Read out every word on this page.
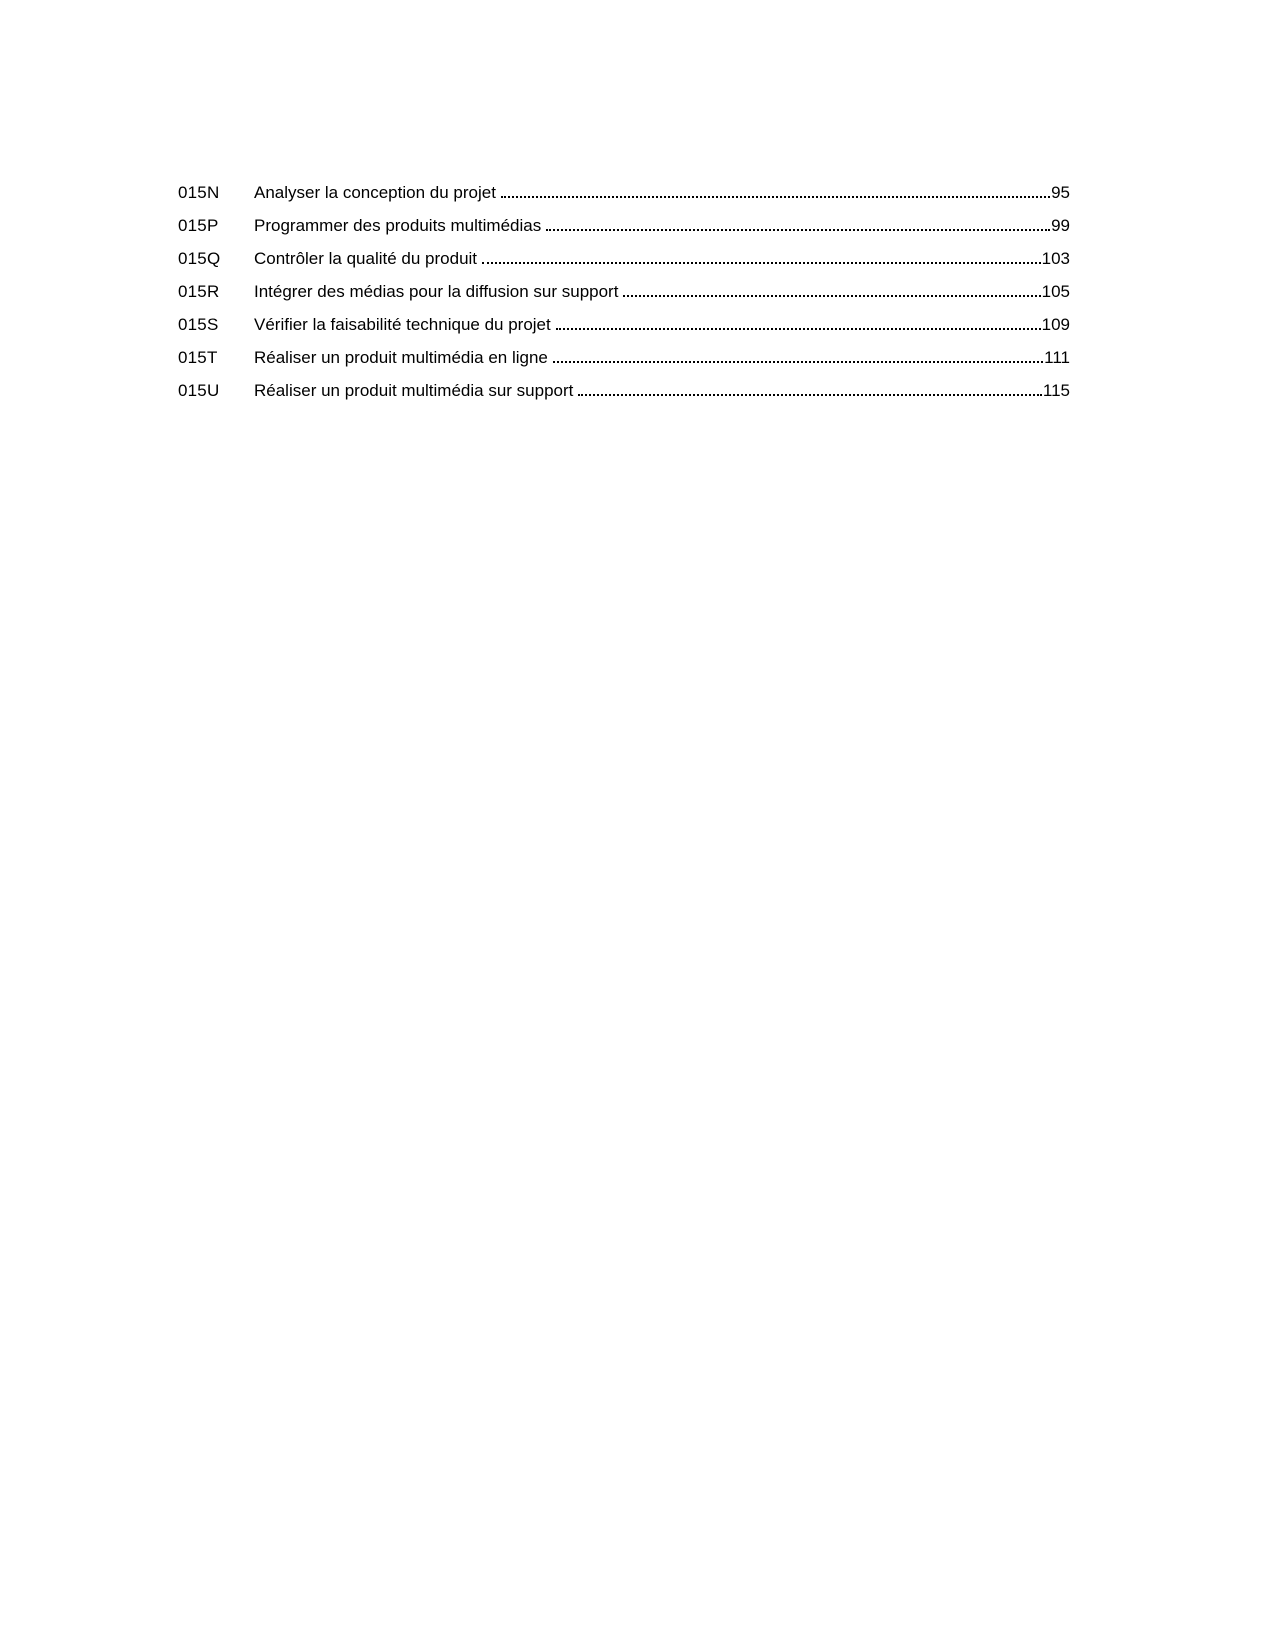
015N	Analyser la conception du projet	95
015P	Programmer des produits multimédias	99
015Q	Contrôler la qualité du produit	103
015R	Intégrer des médias pour la diffusion sur support	105
015S	Vérifier la faisabilité technique du projet	109
015T	Réaliser un produit multimédia en ligne	111
015U	Réaliser un produit multimédia sur support	115
